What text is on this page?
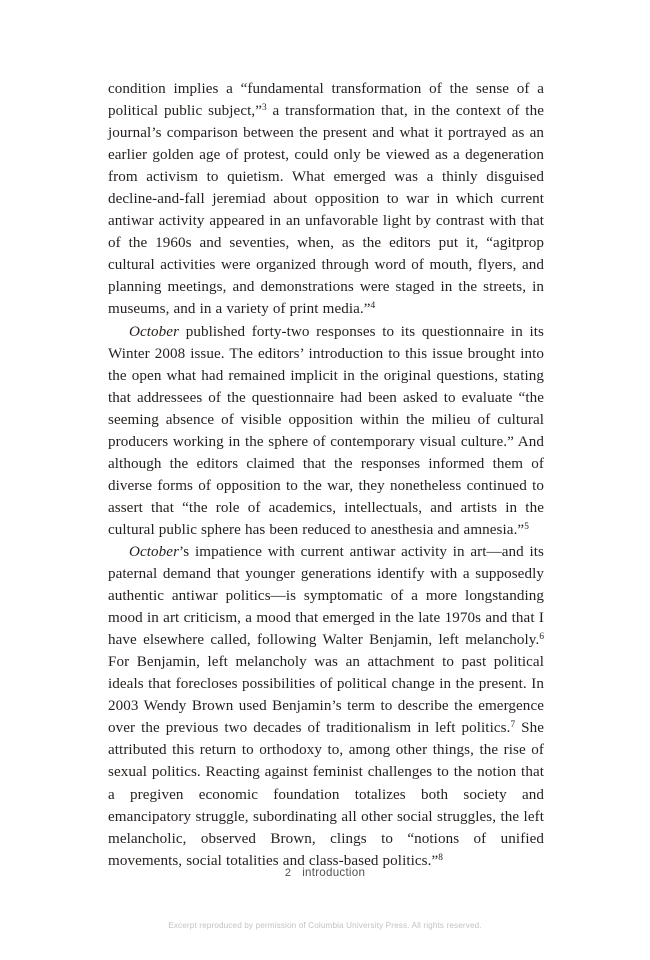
condition implies a “fundamental transformation of the sense of a political public subject,”$^3$ a transformation that, in the context of the journal’s comparison between the present and what it portrayed as an earlier golden age of protest, could only be viewed as a degeneration from activism to quietism. What emerged was a thinly disguised decline-and-fall jeremiad about opposition to war in which current antiwar activity appeared in an unfavorable light by contrast with that of the 1960s and seventies, when, as the editors put it, “agitprop cultural activities were organized through word of mouth, flyers, and planning meetings, and demonstrations were staged in the streets, in museums, and in a variety of print media.”$^4$

October published forty-two responses to its questionnaire in its Winter 2008 issue. The editors’ introduction to this issue brought into the open what had remained implicit in the original questions, stating that addressees of the questionnaire had been asked to evaluate “the seeming absence of visible opposition within the milieu of cultural producers working in the sphere of contemporary visual culture.” And although the editors claimed that the responses informed them of diverse forms of opposition to the war, they nonetheless continued to assert that “the role of academics, intellectuals, and artists in the cultural public sphere has been reduced to anesthesia and amnesia.”$^5$

October’s impatience with current antiwar activity in art—and its paternal demand that younger generations identify with a supposedly authentic antiwar politics—is symptomatic of a more longstanding mood in art criticism, a mood that emerged in the late 1970s and that I have elsewhere called, following Walter Benjamin, left melancholy.$^6$ For Benjamin, left melancholy was an attachment to past political ideals that forecloses possibilities of political change in the present. In 2003 Wendy Brown used Benjamin’s term to describe the emergence over the previous two decades of traditionalism in left politics.$^7$ She attributed this return to orthodoxy to, among other things, the rise of sexual politics. Reacting against feminist challenges to the notion that a pregiven economic foundation totalizes both society and emancipatory struggle, subordinating all other social struggles, the left melancholic, observed Brown, clings to “notions of unified movements, social totalities and class-based politics.”$^8$

2 introduction
Excerpt reproduced by permission of Columbia University Press. All rights reserved.
